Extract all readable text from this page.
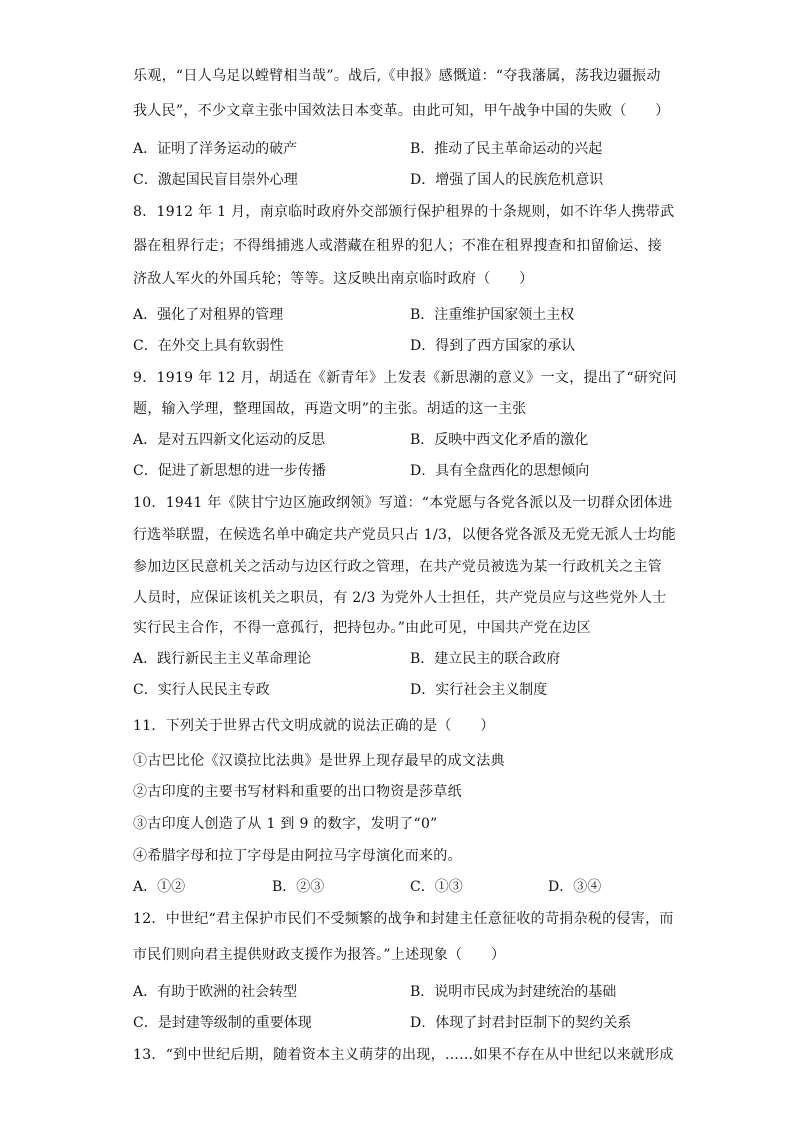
乐观，“日人乌足以螳臂相当哉”。战后,《申报》感慨道：“夺我藩属，荡我边疆振动
我人民”，不少文章主张中国效法日本变革。由此可知，甲午战争中国的失败（　　）
A．证明了洋务运动的破产	B．推动了民主革命运动的兴起
C．激起国民盲目崇外心理	D．增强了国人的民族危机意识
8．1912 年 1 月，南京临时政府外交部颁行保护租界的十条规则，如不许华人携带武
器在租界行走；不得缉捕逃人或潜藏在租界的犯人；不准在租界搜查和扣留偷运、接
济敌人军火的外国兵轮；等等。这反映出南京临时政府（　　）
A．强化了对租界的管理	B．注重维护国家领土主权
C．在外交上具有软弱性	D．得到了西方国家的承认
9．1919 年 12 月，胡适在《新青年》上发表《新思潮的意义》一文，提出了“研究问
题，输入学理，整理国故，再造文明”的主张。胡适的这一主张
A．是对五四新文化运动的反思	B．反映中西文化矛盾的激化
C．促进了新思想的进一步传播	D．具有全盘西化的思想倾向
10．1941 年《陕甘宁边区施政纲领》写道：“本党愿与各党各派以及一切群众团体进
行选举联盟，在候选名单中确定共产党员只占 1/3，以便各党各派及无党无派人士均能
参加边区民意机关之活动与边区行政之管理，在共产党员被选为某一行政机关之主管
人员时，应保证该机关之职员，有 2/3 为党外人士担任，共产党员应与这些党外人士
实行民主合作，不得一意孤行，把持包办。”由此可见，中国共产党在边区
A．践行新民主主义革命理论	B．建立民主的联合政府
C．实行人民民主专政	D．实行社会主义制度
11．下列关于世界古代文明成就的说法正确的是（　　）
①古巴比伦《汉谟拉比法典》是世界上现存最早的成文法典
②古印度的主要书写材料和重要的出口物资是莎草纸
③古印度人创造了从 1 到 9 的数字，发明了“0”
④希腊字母和拉丁字母是由阿拉马字母演化而来的。
A．①②	B．②③	C．①③	D．③④
12．中世纪“君主保护市民们不受频繁的战争和封建主任意征收的苛捐杂税的侵害，而
市民们则向君主提供财政支援作为报答。”上述现象（　　）
A．有助于欧洲的社会转型	B．说明市民成为封建统治的基础
C．是封建等级制的重要体现	D．体现了封君封臣制下的契约关系
13．“到中世纪后期，随着资本主义萌芽的出现，……如果不存在从中世纪以来就形成
